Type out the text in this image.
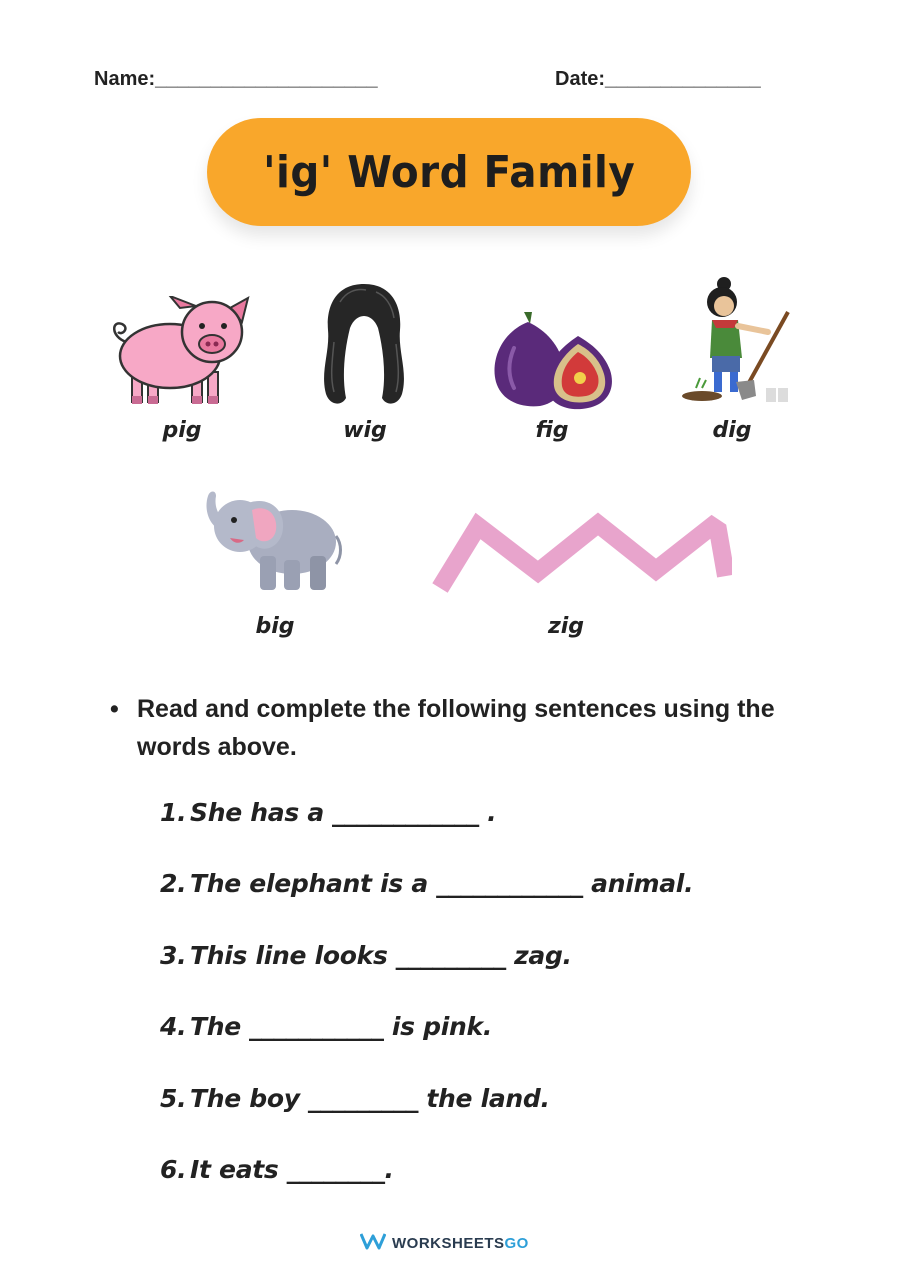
Name:____________________	Date:______________
'ig' Word Family
pig	wig	fig	dig
big	zig
• Read and complete the following sentences using the words above.
1. She has a ____________ .
2. The elephant is a ____________ animal.
3. This line looks _________ zag.
4. The ___________ is pink.
5. The boy _________ the land.
6. It eats ________.
WORKSHEETSGO
